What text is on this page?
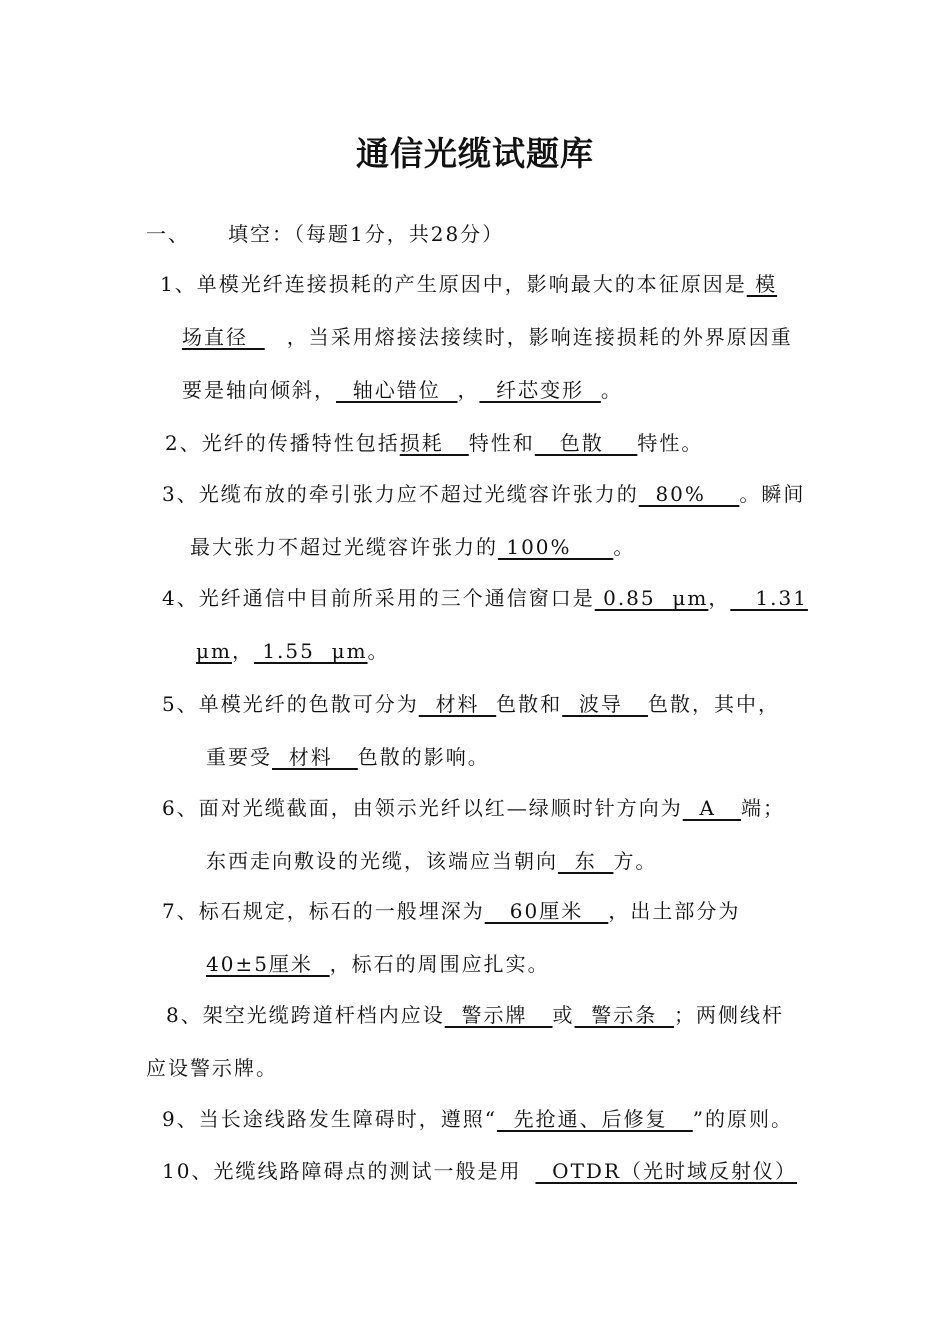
通信光缆试题库
一、 填空：（每题1分，共28分）
1、单模光纤连接损耗的产生原因中，影响最大的本征原因是 模
场直径  ，当采用熔接法接续时，影响连接损耗的外界原因重
要是轴向倾斜，  轴心错位  ，  纤芯变形  。
2、光纤的传播特性包括损耗   特性和   色散    特性。
3、光缆布放的牵引张力应不超过光缆容许张力的  80%    。瞬间
最大张力不超过光缆容许张力的 100%     。
4、光纤通信中目前所采用的三个通信窗口是 0.85  μm，   1.31
μm， 1.55  μm。
5、单模光纤的色散可分为  材料  色散和  波导   色散，其中，
重要受  材料   色散的影响。
6、面对光缆截面，由领示光纤以红—绿顺时针方向为  A   端；
东西走向敷设的光缆，该端应当朝向  东  方。
7、标石规定，标石的一般埋深为   60厘米   ，出土部分为
40±5厘米  ，标石的周围应扎实。
8、架空光缆跨道杆档内应设  警示牌   或  警示条  ；两侧线杆
应设警示牌。
9、当长途线路发生障碍时，遵照“  先抢通、后修复   ”的原则。
10、光缆线路障碍点的测试一般是用  OTDR（光时域反射仪）
